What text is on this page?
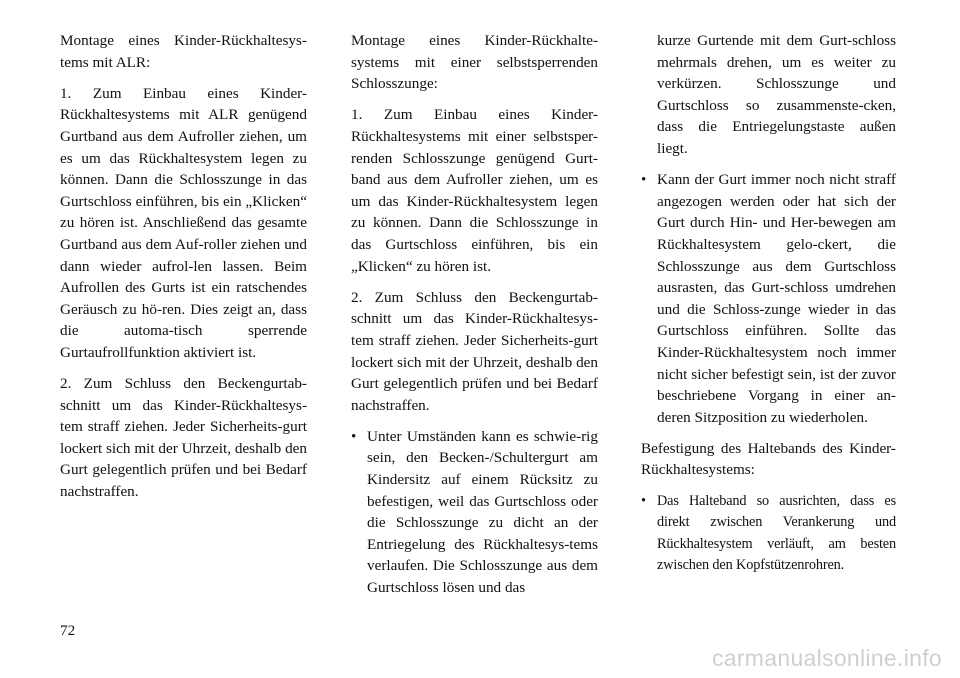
Montage eines Kinder-Rückhaltesys-tems mit ALR:

1. Zum Einbau eines Kinder-Rückhaltesystems mit ALR genügend Gurtband aus dem Aufroller ziehen, um es um das Rückhaltesystem legen zu können. Dann die Schlosszunge in das Gurtschloss einführen, bis ein „Klicken“ zu hören ist. Anschließend das gesamte Gurtband aus dem Auf-roller ziehen und dann wieder aufrol-len lassen. Beim Aufrollen des Gurts ist ein ratschendes Geräusch zu hö-ren. Dies zeigt an, dass die automa-tisch sperrende Gurtaufrollfunktion aktiviert ist.

2. Zum Schluss den Beckengurtab-schnitt um das Kinder-Rückhaltesys-tem straff ziehen. Jeder Sicherheits-gurt lockert sich mit der Uhrzeit, deshalb den Gurt gelegentlich prüfen und bei Bedarf nachstraffen.

Montage eines Kinder-Rückhalte-systems mit einer selbstsperrenden Schlosszunge:

1. Zum Einbau eines Kinder-Rückhaltesystems mit einer selbstsper-renden Schlosszunge genügend Gurt-band aus dem Aufroller ziehen, um es um das Kinder-Rückhaltesystem legen zu können. Dann die Schlosszunge in das Gurtschloss einführen, bis ein „Klicken“ zu hören ist.

2. Zum Schluss den Beckengurtab-schnitt um das Kinder-Rückhaltesys-tem straff ziehen. Jeder Sicherheits-gurt lockert sich mit der Uhrzeit, deshalb den Gurt gelegentlich prüfen und bei Bedarf nachstraffen.

• Unter Umständen kann es schwie-rig sein, den Becken-/Schultergurt am Kindersitz auf einem Rücksitz zu befestigen, weil das Gurtschloss oder die Schlosszunge zu dicht an der Entriegelung des Rückhaltesys-tems verlaufen. Die Schlosszunge aus dem Gurtschloss lösen und das
kurze Gurtende mit dem Gurt-schloss mehrmals drehen, um es weiter zu verkürzen. Schlosszunge und Gurtschloss so zusammenste-cken, dass die Entriegelungstaste außen liegt.
• Kann der Gurt immer noch nicht straff angezogen werden oder hat sich der Gurt durch Hin- und Her-bewegen am Rückhaltesystem gelo-ckert, die Schlosszunge aus dem Gurtschloss ausrasten, das Gurt-schloss umdrehen und die Schloss-zunge wieder in das Gurtschloss einführen. Sollte das Kinder-Rückhaltesystem noch immer nicht sicher befestigt sein, ist der zuvor beschriebene Vorgang in einer an-deren Sitzposition zu wiederholen.

Befestigung des Haltebands des Kinder-Rückhaltesystems:

• Das Halteband so ausrichten, dass es direkt zwischen Verankerung und Rückhaltesystem verläuft, am besten zwischen den Kopfstützenrohren.
72
carmanualsonline.info
